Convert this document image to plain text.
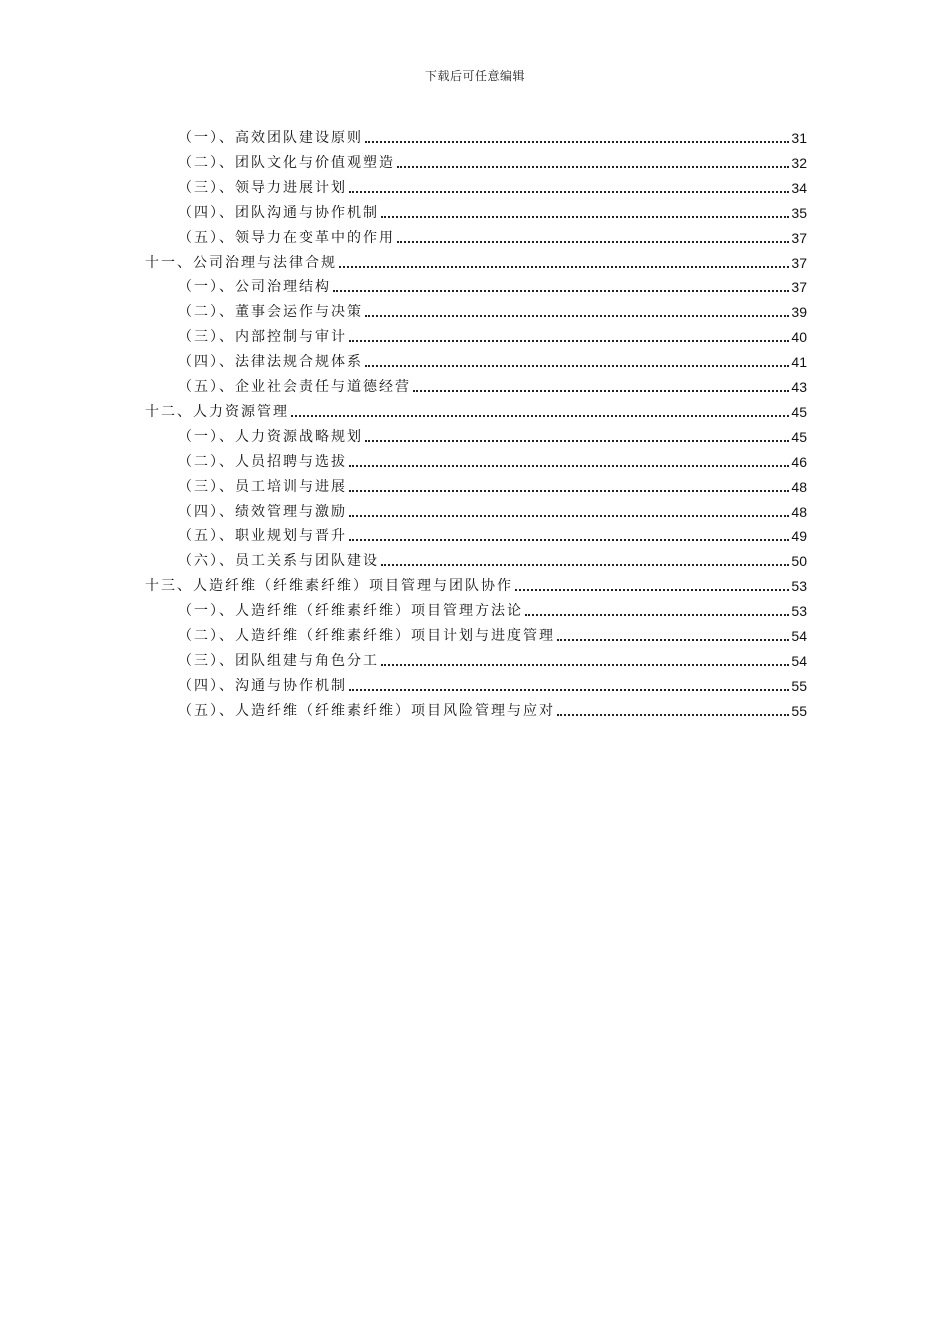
下载后可任意编辑
（一）、高效团队建设原则	31
（二）、团队文化与价值观塑造	32
（三）、领导力进展计划	34
（四）、团队沟通与协作机制	35
（五）、领导力在变革中的作用	37
十一、公司治理与法律合规	37
（一）、公司治理结构	37
（二）、董事会运作与决策	39
（三）、内部控制与审计	40
（四）、法律法规合规体系	41
（五）、企业社会责任与道德经营	43
十二、人力资源管理	45
（一）、人力资源战略规划	45
（二）、人员招聘与选拔	46
（三）、员工培训与进展	48
（四）、绩效管理与激励	48
（五）、职业规划与晋升	49
（六）、员工关系与团队建设	50
十三、人造纤维（纤维素纤维）项目管理与团队协作	53
（一）、人造纤维（纤维素纤维）项目管理方法论	53
（二）、人造纤维（纤维素纤维）项目计划与进度管理	54
（三）、团队组建与角色分工	54
（四）、沟通与协作机制	55
（五）、人造纤维（纤维素纤维）项目风险管理与应对	55
